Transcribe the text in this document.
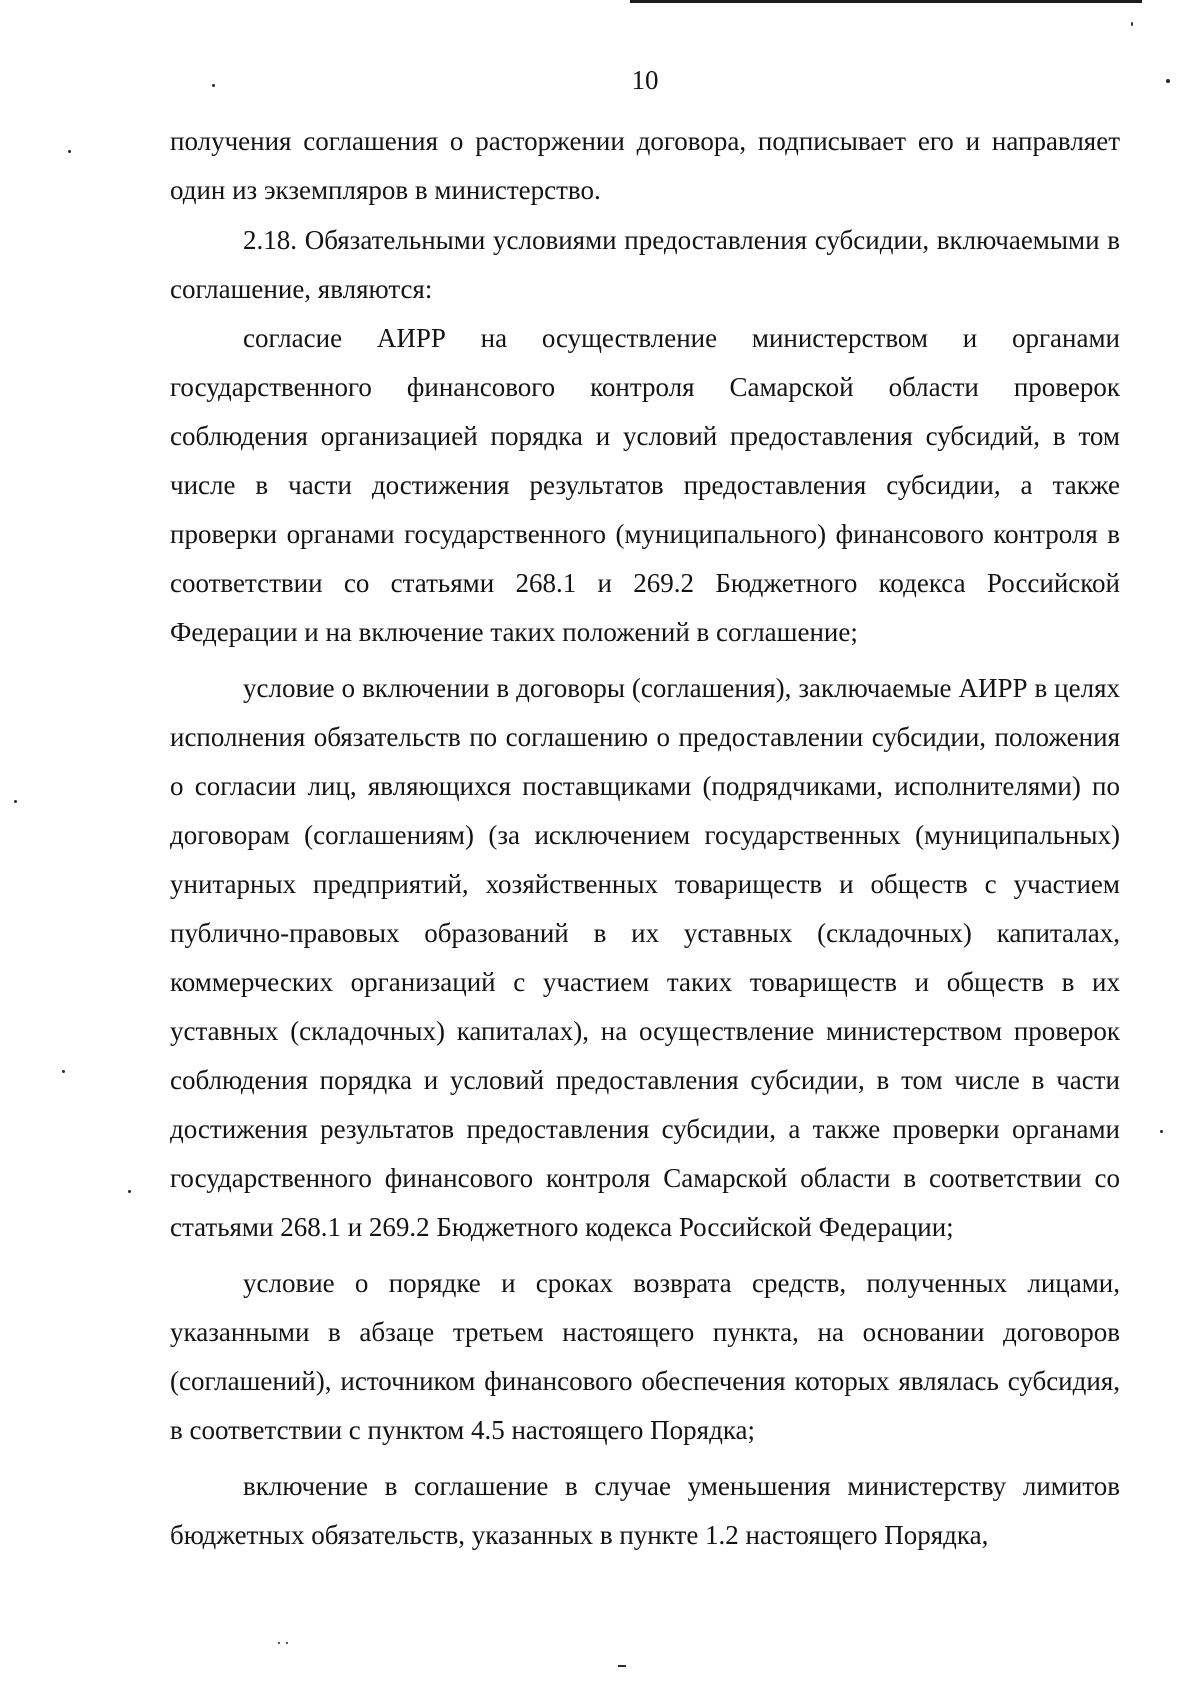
10

получения соглашения о расторжении договора, подписывает его и направляет один из экземпляров в министерство.

2.18. Обязательными условиями предоставления субсидии, включаемыми в соглашение, являются:

согласие АИРР на осуществление министерством и органами государственного финансового контроля Самарской области проверок соблюдения организацией порядка и условий предоставления субсидий, в том числе в части достижения результатов предоставления субсидии, а также проверки органами государственного (муниципального) финансового контроля в соответствии со статьями 268.1 и 269.2 Бюджетного кодекса Российской Федерации и на включение таких положений в соглашение;

условие о включении в договоры (соглашения), заключаемые АИРР в целях исполнения обязательств по соглашению о предоставлении субсидии, положения о согласии лиц, являющихся поставщиками (подрядчиками, исполнителями) по договорам (соглашениям) (за исключением государственных (муниципальных) унитарных предприятий, хозяйственных товариществ и обществ с участием публично-правовых образований в их уставных (складочных) капиталах, коммерческих организаций с участием таких товариществ и обществ в их уставных (складочных) капиталах), на осуществление министерством проверок соблюдения порядка и условий предоставления субсидии, в том числе в части достижения результатов предоставления субсидии, а также проверки органами государственного финансового контроля Самарской области в соответствии со статьями 268.1 и 269.2 Бюджетного кодекса Российской Федерации;

условие о порядке и сроках возврата средств, полученных лицами, указанными в абзаце третьем настоящего пункта, на основании договоров (соглашений), источником финансового обеспечения которых являлась субсидия, в соответствии с пунктом 4.5 настоящего Порядка;

включение в соглашение в случае уменьшения министерству лимитов бюджетных обязательств, указанных в пункте 1.2 настоящего Порядка,
